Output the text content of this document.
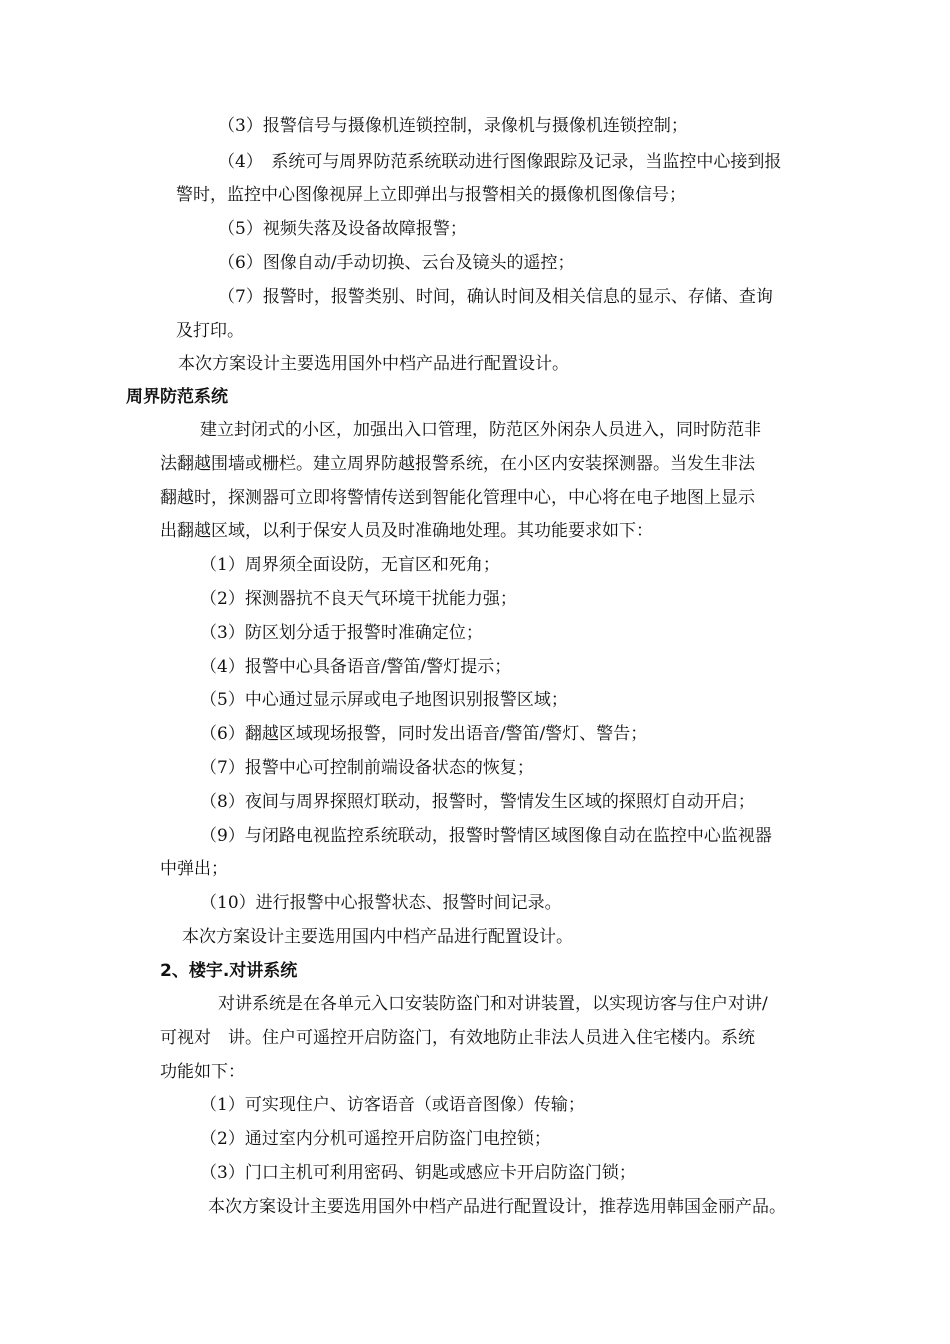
（3）报警信号与摄像机连锁控制，录像机与摄像机连锁控制；
（4）　系统可与周界防范系统联动进行图像跟踪及记录，当监控中心接到报
警时，监控中心图像视屏上立即弹出与报警相关的摄像机图像信号；
（5）视频失落及设备故障报警；
（6）图像自动/手动切换、云台及镜头的遥控；
（7）报警时，报警类别、时间，确认时间及相关信息的显示、存储、查询
及打印。
本次方案设计主要选用国外中档产品进行配置设计。
周界防范系统
建立封闭式的小区，加强出入口管理，防范区外闲杂人员进入，同时防范非
法翻越围墙或栅栏。建立周界防越报警系统，在小区内安装探测器。当发生非法
翻越时，探测器可立即将警情传送到智能化管理中心，中心将在电子地图上显示
出翻越区域，以利于保安人员及时准确地处理。其功能要求如下：
（1）周界须全面设防，无盲区和死角；
（2）探测器抗不良天气环境干扰能力强；
（3）防区划分适于报警时准确定位；
（4）报警中心具备语音/警笛/警灯提示；
（5）中心通过显示屏或电子地图识别报警区域；
（6）翻越区域现场报警，同时发出语音/警笛/警灯、警告；
（7）报警中心可控制前端设备状态的恢复；
（8）夜间与周界探照灯联动，报警时，警情发生区域的探照灯自动开启；
（9）与闭路电视监控系统联动，报警时警情区域图像自动在监控中心监视器
中弹出；
（10）进行报警中心报警状态、报警时间记录。
本次方案设计主要选用国内中档产品进行配置设计。
2、楼宇.对讲系统
对讲系统是在各单元入口安装防盗门和对讲装置，以实现访客与住户对讲/
可视对　讲。住户可遥控开启防盗门，有效地防止非法人员进入住宅楼内。系统
功能如下：
（1）可实现住户、访客语音（或语音图像）传输；
（2）通过室内分机可遥控开启防盗门电控锁；
（3）门口主机可利用密码、钥匙或感应卡开启防盗门锁；
本次方案设计主要选用国外中档产品进行配置设计，推荐选用韩国金丽产品。
